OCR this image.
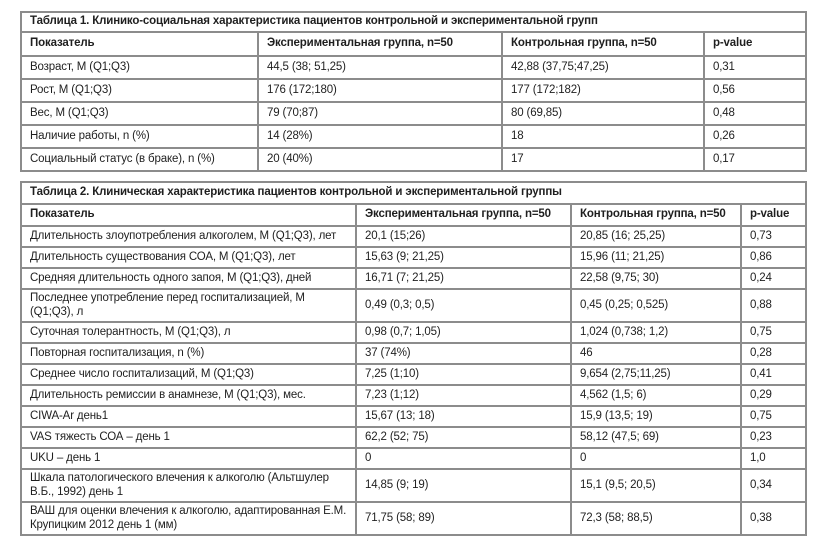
Таблица 1. Клинико-социальная характеристика пациентов контрольной и экспериментальной групп			
Показатель	Экспериментальная группа, n=50	Контрольная группа, n=50	p-value
Возраст, М (Q1;Q3)	44,5 (38; 51,25)	42,88 (37,75;47,25)	0,31
Рост, М (Q1;Q3)	176 (172;180)	177 (172;182)	0,56
Вес, М (Q1;Q3)	79 (70;87)	80 (69,85)	0,48
Наличие работы, n (%)	14 (28%)	18	0,26
Социальный статус (в браке), n (%)	20 (40%)	17	0,17
Таблица 2. Клиническая характеристика пациентов контрольной и экспериментальной группы			
Показатель	Экспериментальная группа, n=50	Контрольная группа, n=50	p-value
Длительность злоупотребления алкоголем, М (Q1;Q3), лет	20,1 (15;26)	20,85 (16; 25,25)	0,73
Длительность существования СОА, М (Q1;Q3), лет	15,63 (9; 21,25)	15,96 (11; 21,25)	0,86
Средняя длительность одного запоя, М (Q1;Q3), дней	16,71 (7; 21,25)	22,58 (9,75; 30)	0,24
Последнее употребление перед госпитализацией, М (Q1;Q3), л	0,49 (0,3; 0,5)	0,45 (0,25; 0,525)	0,88
Суточная толерантность, М (Q1;Q3), л	0,98 (0,7; 1,05)	1,024 (0,738; 1,2)	0,75
Повторная госпитализация, n (%)	37 (74%)	46	0,28
Среднее число госпитализаций, М (Q1;Q3)	7,25 (1;10)	9,654 (2,75;11,25)	0,41
Длительность ремиссии в анамнезе, М (Q1;Q3), мес.	7,23 (1;12)	4,562 (1,5; 6)	0,29
CIWA-Ar день1	15,67 (13; 18)	15,9 (13,5; 19)	0,75
VAS тяжесть СОА – день 1	62,2 (52; 75)	58,12 (47,5; 69)	0,23
UKU – день 1	0	0	1,0
Шкала патологического влечения к алкоголю (Альтшулер В.Б., 1992) день 1	14,85 (9; 19)	15,1 (9,5; 20,5)	0,34
ВАШ для оценки влечения к алкоголю, адаптированная Е.М. Крупицким 2012 день 1 (мм)	71,75 (58; 89)	72,3 (58; 88,5)	0,38
